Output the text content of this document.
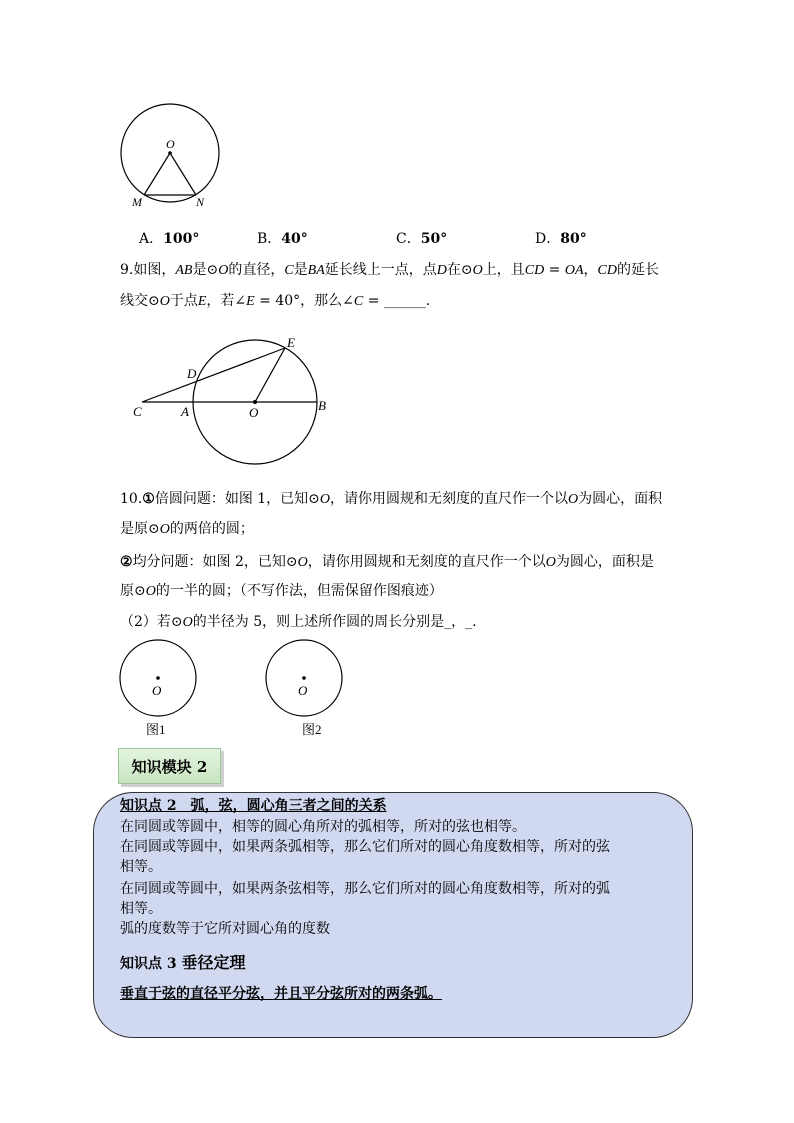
O
M	N
A．100°	B．40°	C．50°	D．80°
9.如图，AB是⊙O的直径，C是BA延长线上一点，点D在⊙O上，且CD = OA，CD的延长
线交⊙O于点E，若∠E = 40°，那么∠C = ______.
C	A	O	B
D
E
10.①倍圆问题：如图 1，已知⊙O，请你用圆规和无刻度的直尺作一个以O为圆心，面积
是原⊙O的两倍的圆；
②均分问题：如图 2，已知⊙O，请你用圆规和无刻度的直尺作一个以O为圆心，面积是
原⊙O的一半的圆；（不写作法，但需保留作图痕迹）
（2）若⊙O的半径为 5，则上述所作圆的周长分别是_，_.
O
图1
O
图2
知识模块 2
知识点 2　弧，弦，圆心角三者之间的关系
在同圆或等圆中，相等的圆心角所对的弧相等，所对的弦也相等。
在同圆或等圆中，如果两条弧相等，那么它们所对的圆心角度数相等，所对的弦
相等。
在同圆或等圆中，如果两条弦相等，那么它们所对的圆心角度数相等，所对的弧
相等。
弧的度数等于它所对圆心角的度数
知识点 3 垂径定理
垂直于弦的直径平分弦，并且平分弦所对的两条弧。
